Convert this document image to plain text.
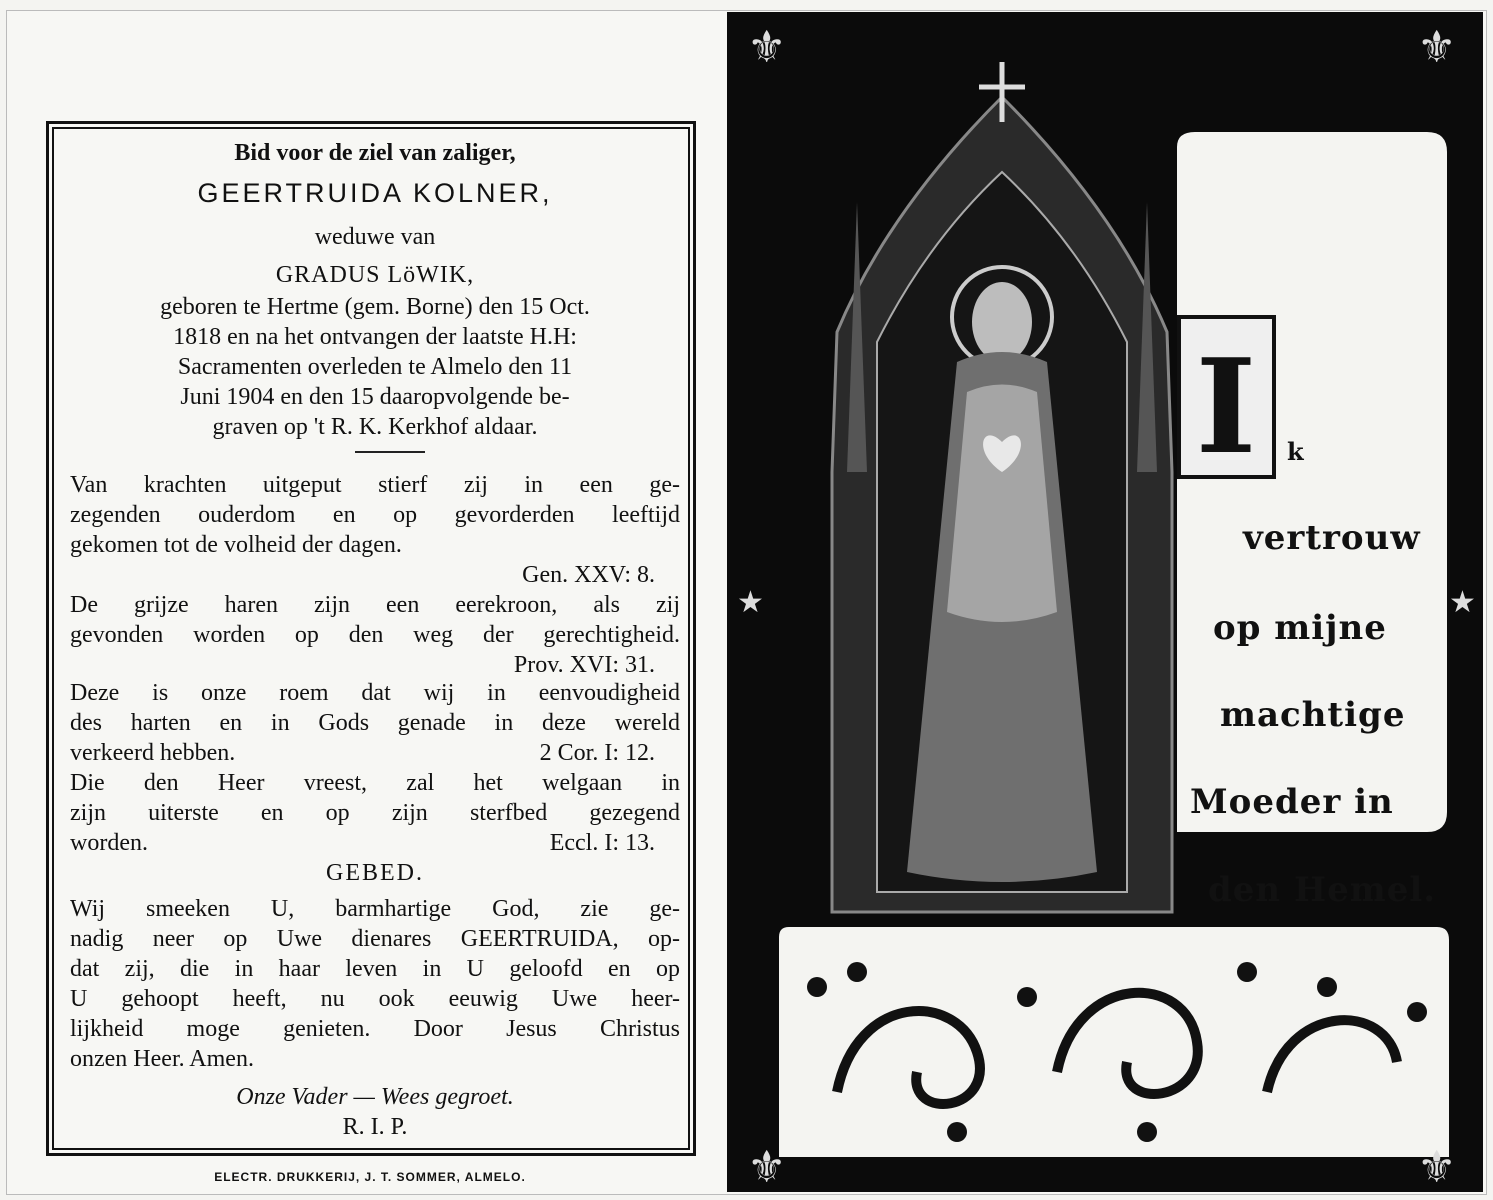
Bid voor de ziel van zaliger,
GEERTRUIDA KOLNER,
weduwe van
GRADUS LöWIK,
geboren te Hertme (gem. Borne) den 15 Oct.
1818 en na het ontvangen der laatste H.H:
Sacramenten overleden te Almelo den 11
Juni 1904 en den 15 daaropvolgende be-
graven op 't R. K. Kerkhof aldaar.
Van krachten uitgeput stierf zij in een ge-
zegenden ouderdom en op gevorderden leeftijd
gekomen tot de volheid der dagen.
Gen. XXV: 8.
De grijze haren zijn een eerekroon, als zij
gevonden worden op den weg der gerechtigheid.
Prov. XVI: 31.
Deze is onze roem dat wij in eenvoudigheid
des harten en in Gods genade in deze wereld
verkeerd hebben.	2 Cor. I: 12.
Die den Heer vreest, zal het welgaan in
zijn uiterste en op zijn sterfbed gezegend
worden.	Eccl. I: 13.
GEBED.
Wij smeeken U, barmhartige God, zie ge-
nadig neer op Uwe dienares GEERTRUIDA, op-
dat zij, die in haar leven in U geloofd en op
U gehoopt heeft, nu ook eeuwig Uwe heer-
lijkheid moge genieten. Door Jesus Christus
onzen Heer. Amen.
Onze Vader — Wees gegroet.
R. I. P.
ELECTR. DRUKKERIJ, J. T. SOMMER, ALMELO.
I
★	★
⚜	⚜
⚜	⚜
k
vertrouw
op mijne
machtige
Moeder in
den Hemel.
